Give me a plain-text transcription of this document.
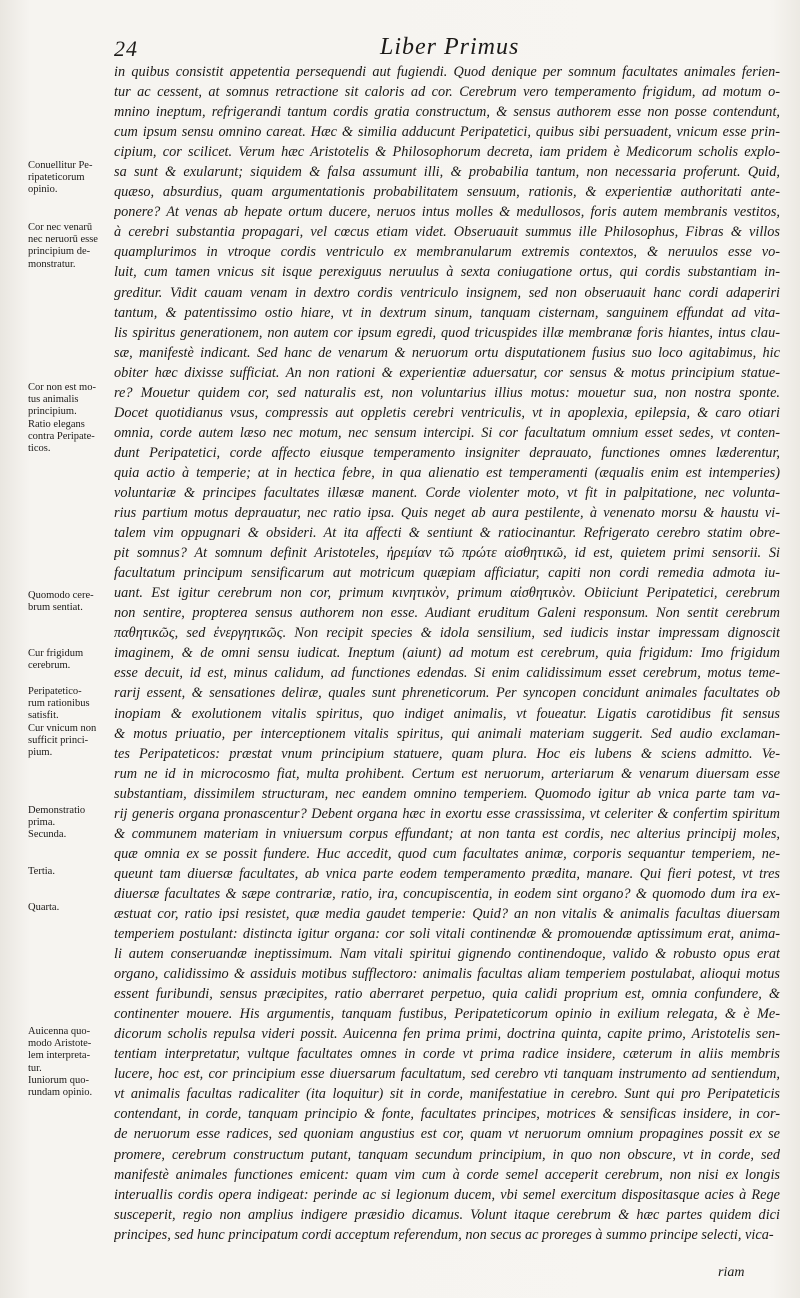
24	Liber Primus
in quibus consistit appetentia persequendi aut fugiendi. Quod denique per somnum facultates animales ferien-
tur ac cessent, at somnus retractione sit caloris ad cor. Cerebrum vero temperamento frigidum, ad motum o-
mnino ineptum, refrigerandi tantum cordis gratia constructum, & sensus authorem esse non posse contendunt,
cum ipsum sensu omnino careat. Hæc & similia adducunt Peripatetici, quibus sibi persuadent, vnicum esse prin-
cipium, cor scilicet. Verum hæc Aristotelis & Philosophorum decreta, iam pridem è Medicorum scholis explo-
sa sunt & exularunt; siquidem & falsa assumunt illi, & probabilia tantum, non necessaria proferunt. Quid,
quæso, absurdius, quam argumentationis probabilitatem sensuum, rationis, & experientiæ authoritati ante-
ponere? At venas ab hepate ortum ducere, neruos intus molles & medullosos, foris autem membranis vestitos,
à cerebri substantia propagari, vel cœcus etiam videt. Obseruauit summus ille Philosophus, Fibras & villos
quamplurimos in vtroque cordis ventriculo ex membranularum extremis contextos, & neruulos esse vo-
luit, cum tamen vnicus sit isque perexiguus neruulus à sexta coniugatione ortus, qui cordis substantiam in-
greditur. Vidit cauam venam in dextro cordis ventriculo insignem, sed non obseruauit hanc cordi adaperiri
tantum, & patentissimo ostio hiare, vt in dextrum sinum, tanquam cisternam, sanguinem effundat ad vita-
lis spiritus generationem, non autem cor ipsum egredi, quod tricuspides illæ membranæ foris hiantes, intus clau-
sæ, manifestè indicant. Sed hanc de venarum & neruorum ortu disputationem fusius suo loco agitabimus, hic
obiter hæc dixisse sufficiat. An non rationi & experientiæ aduersatur, cor sensus & motus principium statue-
re? Mouetur quidem cor, sed naturalis est, non voluntarius illius motus: mouetur sua, non nostra sponte.
Docet quotidianus vsus, compressis aut oppletis cerebri ventriculis, vt in apoplexia, epilepsia, & caro otiari
omnia, corde autem læso nec motum, nec sensum intercipi. Si cor facultatum omnium esset sedes, vt conten-
dunt Peripatetici, corde affecto eiusque temperamento insigniter deprauato, functiones omnes læderentur,
quia actio à temperie; at in hectica febre, in qua alienatio est temperamenti (æqualis enim est intemperies)
voluntariæ & principes facultates illæsæ manent. Corde violenter moto, vt fit in palpitatione, nec volunta-
rius partium motus deprauatur, nec ratio ipsa. Quis neget ab aura pestilente, à venenato morsu & haustu vi-
talem vim oppugnari & obsideri. At ita affecti & sentiunt & ratiocinantur. Refrigerato cerebro statim obre-
pit somnus? At somnum definit Aristoteles, ἠρεμίαν τῶ πρώτε αἰσθητικῶ, id est, quietem primi sensorii. Si
facultatum principum sensificarum aut motricum quæpiam afficiatur, capiti non cordi remedia admota iu-
uant. Est igitur cerebrum non cor, primum κινητικὸν, primum αἰσθητικὸν. Obiiciunt Peripatetici, cerebrum
non sentire, propterea sensus authorem non esse. Audiant eruditum Galeni responsum. Non sentit cerebrum
παθητικῶς, sed ἐνεργητικῶς. Non recipit species & idola sensilium, sed iudicis instar impressam dignoscit
imaginem, & de omni sensu iudicat. Ineptum (aiunt) ad motum est cerebrum, quia frigidum: Imo frigidum
esse decuit, id est, minus calidum, ad functiones edendas. Si enim calidissimum esset cerebrum, motus teme-
rarij essent, & sensationes deliræ, quales sunt phreneticorum. Per syncopen concidunt animales facultates ob
inopiam & exolutionem vitalis spiritus, quo indiget animalis, vt foueatur. Ligatis carotidibus fit sensus
& motus priuatio, per interceptionem vitalis spiritus, qui animali materiam suggerit. Sed audio exclaman-
tes Peripateticos: præstat vnum principium statuere, quam plura. Hoc eis lubens & sciens admitto. Ve-
rum ne id in microcosmo fiat, multa prohibent. Certum est neruorum, arteriarum & venarum diuersam esse
substantiam, dissimilem structuram, nec eandem omnino temperiem. Quomodo igitur ab vnica parte tam va-
rij generis organa pronascentur? Debent organa hæc in exortu esse crassissima, vt celeriter & confertim spiritum
& communem materiam in vniuersum corpus effundant; at non tanta est cordis, nec alterius principij moles,
quæ omnia ex se possit fundere. Huc accedit, quod cum facultates animæ, corporis sequantur temperiem, ne-
queunt tam diuersæ facultates, ab vnica parte eodem temperamento prædita, manare. Qui fieri potest, vt tres
diuersæ facultates & sæpe contrariæ, ratio, ira, concupiscentia, in eodem sint organo? & quomodo dum ira ex-
æstuat cor, ratio ipsi resistet, quæ media gaudet temperie: Quid? an non vitalis & animalis facultas diuersam
temperiem postulant: distincta igitur organa: cor soli vitali continendæ & promouendæ aptissimum erat, anima-
li autem conseruandæ ineptissimum. Nam vitali spiritui gignendo continendoque, valido & robusto opus erat
organo, calidissimo & assiduis motibus sufflectoro: animalis facultas aliam temperiem postulabat, alioqui motus
essent furibundi, sensus præcipites, ratio aberraret perpetuo, quia calidi proprium est, omnia confundere, &
continenter mouere. His argumentis, tanquam fustibus, Peripateticorum opinio in exilium relegata, & è Me-
dicorum scholis repulsa videri possit. Auicenna fen prima primi, doctrina quinta, capite primo, Aristotelis sen-
tentiam interpretatur, vultque facultates omnes in corde vt prima radice insidere, cæterum in aliis membris
lucere, hoc est, cor principium esse diuersarum facultatum, sed cerebro vti tanquam instrumento ad sentiendum,
vt animalis facultas radicaliter (ita loquitur) sit in corde, manifestatiue in cerebro. Sunt qui pro Peripateticis
contendant, in corde, tanquam principio & fonte, facultates principes, motrices & sensificas insidere, in cor-
de neruorum esse radices, sed quoniam angustius est cor, quam vt neruorum omnium propagines possit ex se
promere, cerebrum constructum putant, tanquam secundum principium, in quo non obscure, vt in corde, sed
manifestè animales functiones emicent: quam vim cum à corde semel acceperit cerebrum, non nisi ex longis
interuallis cordis opera indigeat: perinde ac si legionum ducem, vbi semel exercitum dispositasque acies à Rege
susceperit, regio non amplius indigere præsidio dicamus. Volunt itaque cerebrum & hæc partes quidem dici
principes, sed hunc principatum cordi acceptum referendum, non secus ac proreges à summo principe selecti, vica-
Conuellitur Pe-
ripateticorum
opinio.
Cor nec venarū
nec neruorū esse
principium de-
monstratur.
Cor non est mo-
tus animalis
principium.
Ratio elegans
contra Peripate-
ticos.
Quomodo cere-
brum sentiat.
Cur frigidum
cerebrum.
Peripatetico-
rum rationibus
satisfit.
Cur vnicum non
sufficit princi-
pium.
Demonstratio
prima.
Secunda.
Tertia.
Quarta.
Auicenna quo-
modo Aristote-
lem interpreta-
tur.
Iuniorum quo-
rundam opinio.
riam
